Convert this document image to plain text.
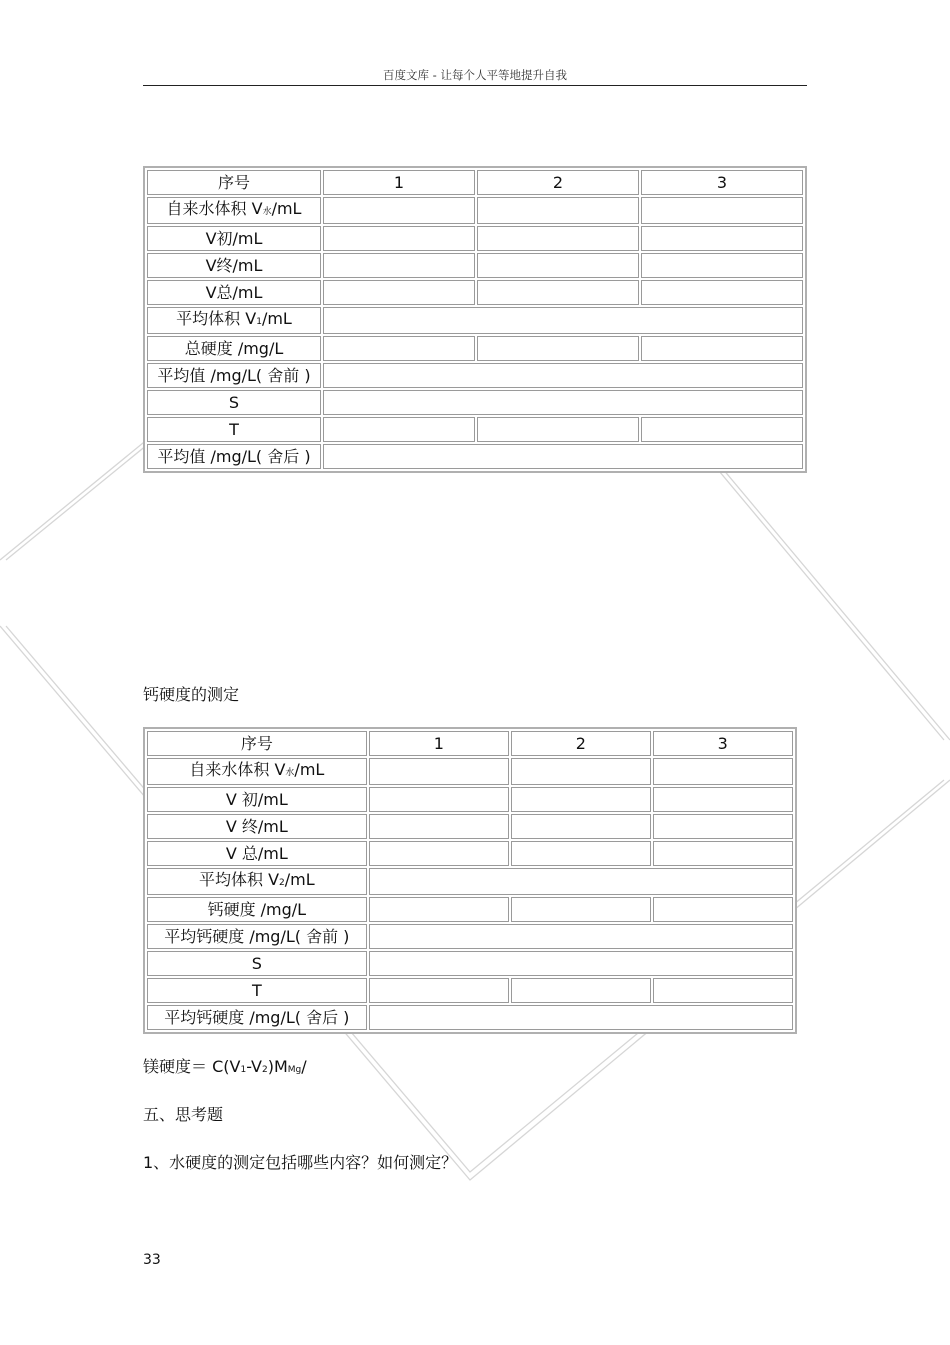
百度文库 - 让每个人平等地提升自我
序号	1	2	3
自来水体积 V水/mL			
V初/mL			
V终/mL			
V总/mL			
平均体积 V1/mL			
总硬度 /mg/L			
平均值 /mg/L( 舍前 )			
S			
T			
平均值 /mg/L( 舍后 )			
钙硬度的测定
序号	1	2	3
自来水体积 V水/mL			
V 初/mL			
V 终/mL			
V 总/mL			
平均体积 V2/mL			
钙硬度 /mg/L			
平均钙硬度 /mg/L( 舍前 )			
S			
T			
平均钙硬度 /mg/L( 舍后 )			
镁硬度＝ C(V1-V2)MMg/
五、思考题
1、水硬度的测定包括哪些内容？如何测定？
33
